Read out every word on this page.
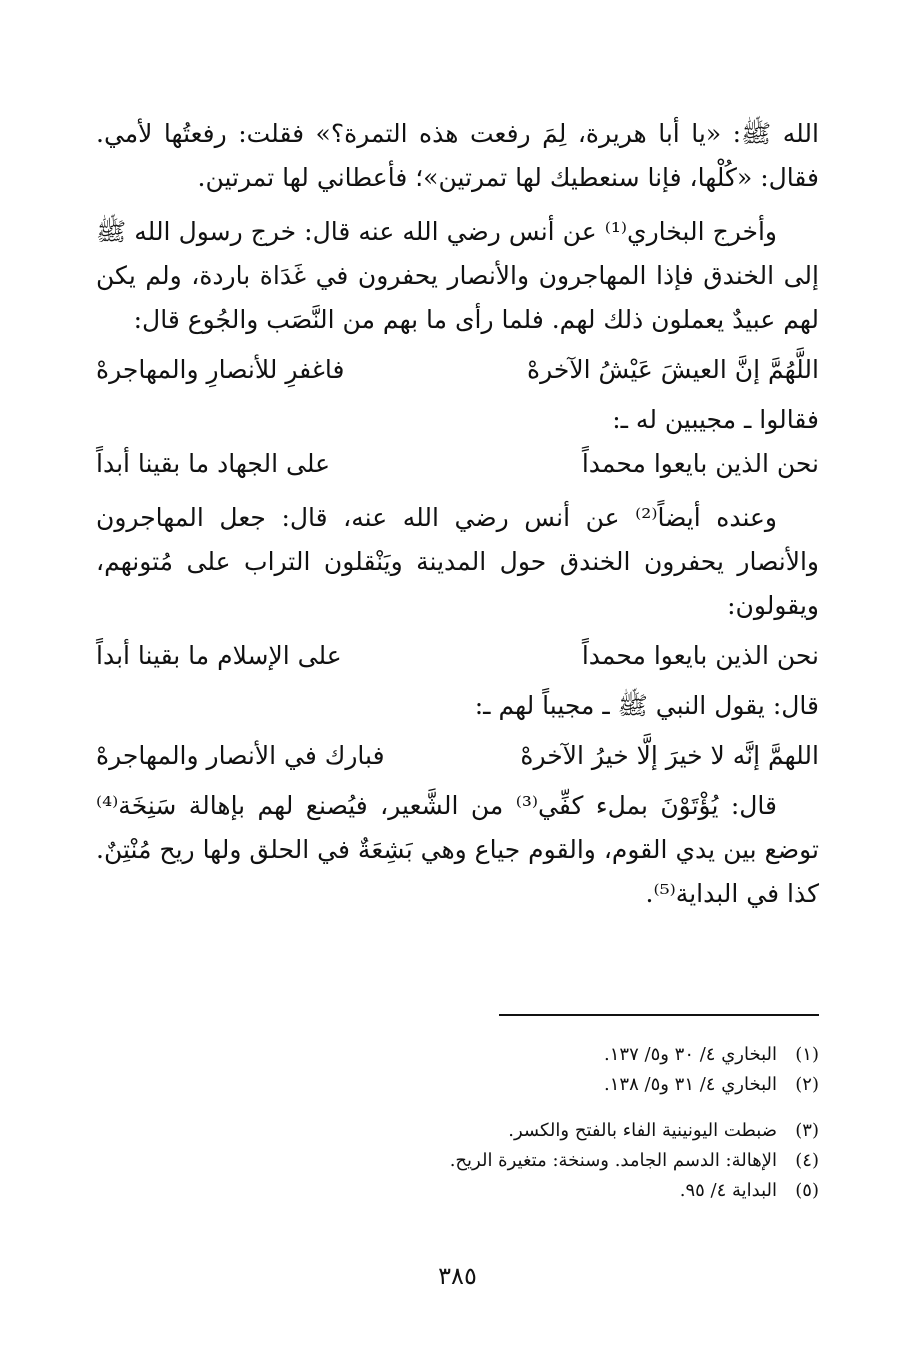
الله ﷺ: «يا أبا هريرة، لِمَ رفعت هذه التمرة؟» فقلت: رفعتُها لأمي. فقال: «كُلْها، فإنا سنعطيك لها تمرتين»؛ فأعطاني لها تمرتين.

وأخرج البخاري⁽¹⁾ عن أنس رضي الله عنه قال: خرج رسول الله ﷺ إلى الخندق فإذا المهاجرون والأنصار يحفرون في غَدَاة باردة، ولم يكن لهم عبيدٌ يعملون ذلك لهم. فلما رأى ما بهم من النَّصَب والجُوع قال:

اللَّهُمَّ إنَّ العيشَ عَيْشُ الآخرهْ
فاغفرِ للأنصارِ والمهاجرهْ

فقالوا ـ مجيبين له ـ:

نحن الذين بايعوا محمداً
على الجهاد ما بقينا أبداً

وعنده أيضاً⁽²⁾ عن أنس رضي الله عنه، قال: جعل المهاجرون والأنصار يحفرون الخندق حول المدينة ويَنْقلون التراب على مُتونهم، ويقولون:

نحن الذين بايعوا محمداً
على الإسلام ما بقينا أبداً

قال: يقول النبي ﷺ ـ مجيباً لهم ـ:

اللهمَّ إنَّه لا خيرَ إلَّا خيرُ الآخرهْ
فبارك في الأنصار والمهاجرهْ

قال: يُؤْتَوْنَ بملء كفِّي⁽³⁾ من الشَّعير، فيُصنع لهم بإهالة سَنِخَة⁽⁴⁾ توضع بين يدي القوم، والقوم جياع وهي بَشِعَةٌ في الحلق ولها ريح مُنْتِنٌ. كذا في البداية⁽⁵⁾.

(١)
البخاري ٤/ ٣٠ و٥/ ١٣٧.
(٢)
البخاري ٤/ ٣١ و٥/ ١٣٨.
(٣)
ضبطت اليونينية الفاء بالفتح والكسر.
(٤)
الإهالة: الدسم الجامد. وسنخة: متغيرة الريح.
(٥)
البداية ٤/ ٩٥.
٣٨٥
